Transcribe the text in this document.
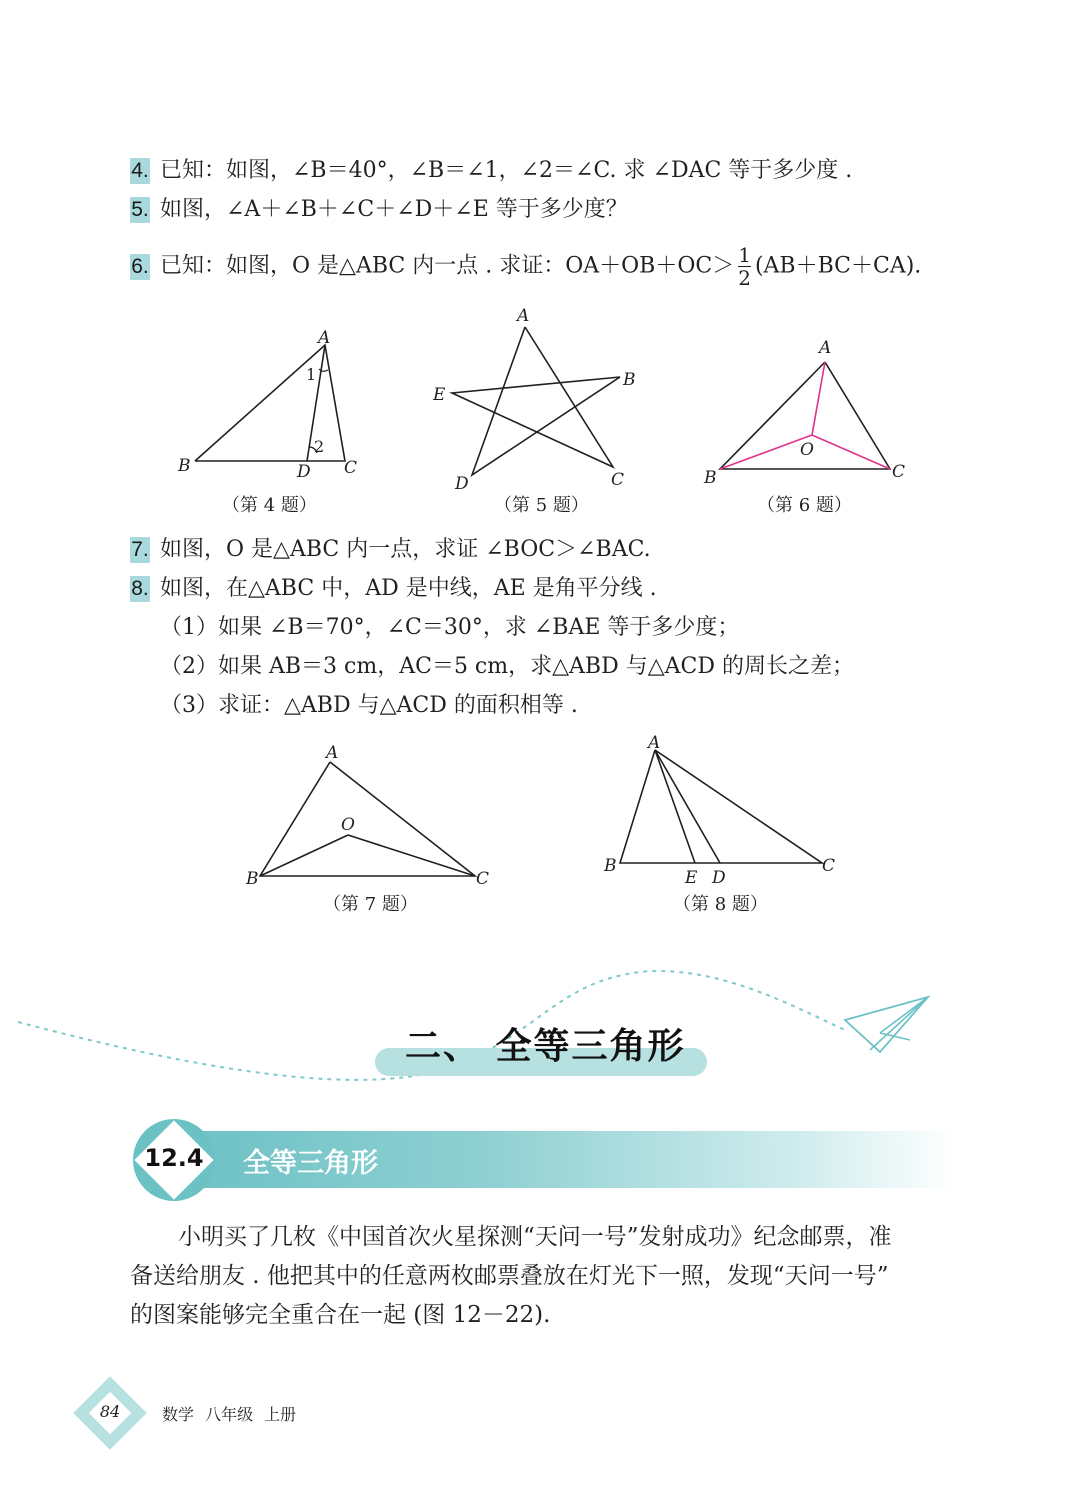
4. 已知：如图，∠B＝40°，∠B＝∠1，∠2＝∠C. 求 ∠DAC 等于多少度 .
5. 如图，∠A＋∠B＋∠C＋∠D＋∠E 等于多少度？
6. 已知：如图，O 是△ABC 内一点 . 求证：$OA+OB+OC> \frac{1}{2} (AB+BC+CA)$.
A
B	C
D
1
2
（第 4 题）
A
B
C
D
E
（第 5 题）
A
B	C
O
（第 6 题）
7. 如图，O 是△ABC 内一点，求证 ∠BOC＞∠BAC.
8. 如图，在△ABC 中，AD 是中线，AE 是角平分线 .
（1）如果 ∠B＝70°，∠C＝30°，求 ∠BAE 等于多少度；
（2）如果 AB＝3 cm，AC＝5 cm，求△ABD 与△ACD 的周长之差；
（3）求证：△ABD 与△ACD 的面积相等 .
A
B	C
O
（第 7 题）
A
B	C
E D
（第 8 题）
二、 全等三角形
12.4	全等三角形
小明买了几枚《中国首次火星探测“天问一号”发射成功》纪念邮票，准
备送给朋友 . 他把其中的任意两枚邮票叠放在灯光下一照，发现“天问一号”
的图案能够完全重合在一起 (图 12－22).
84	数学 八年级 上册
